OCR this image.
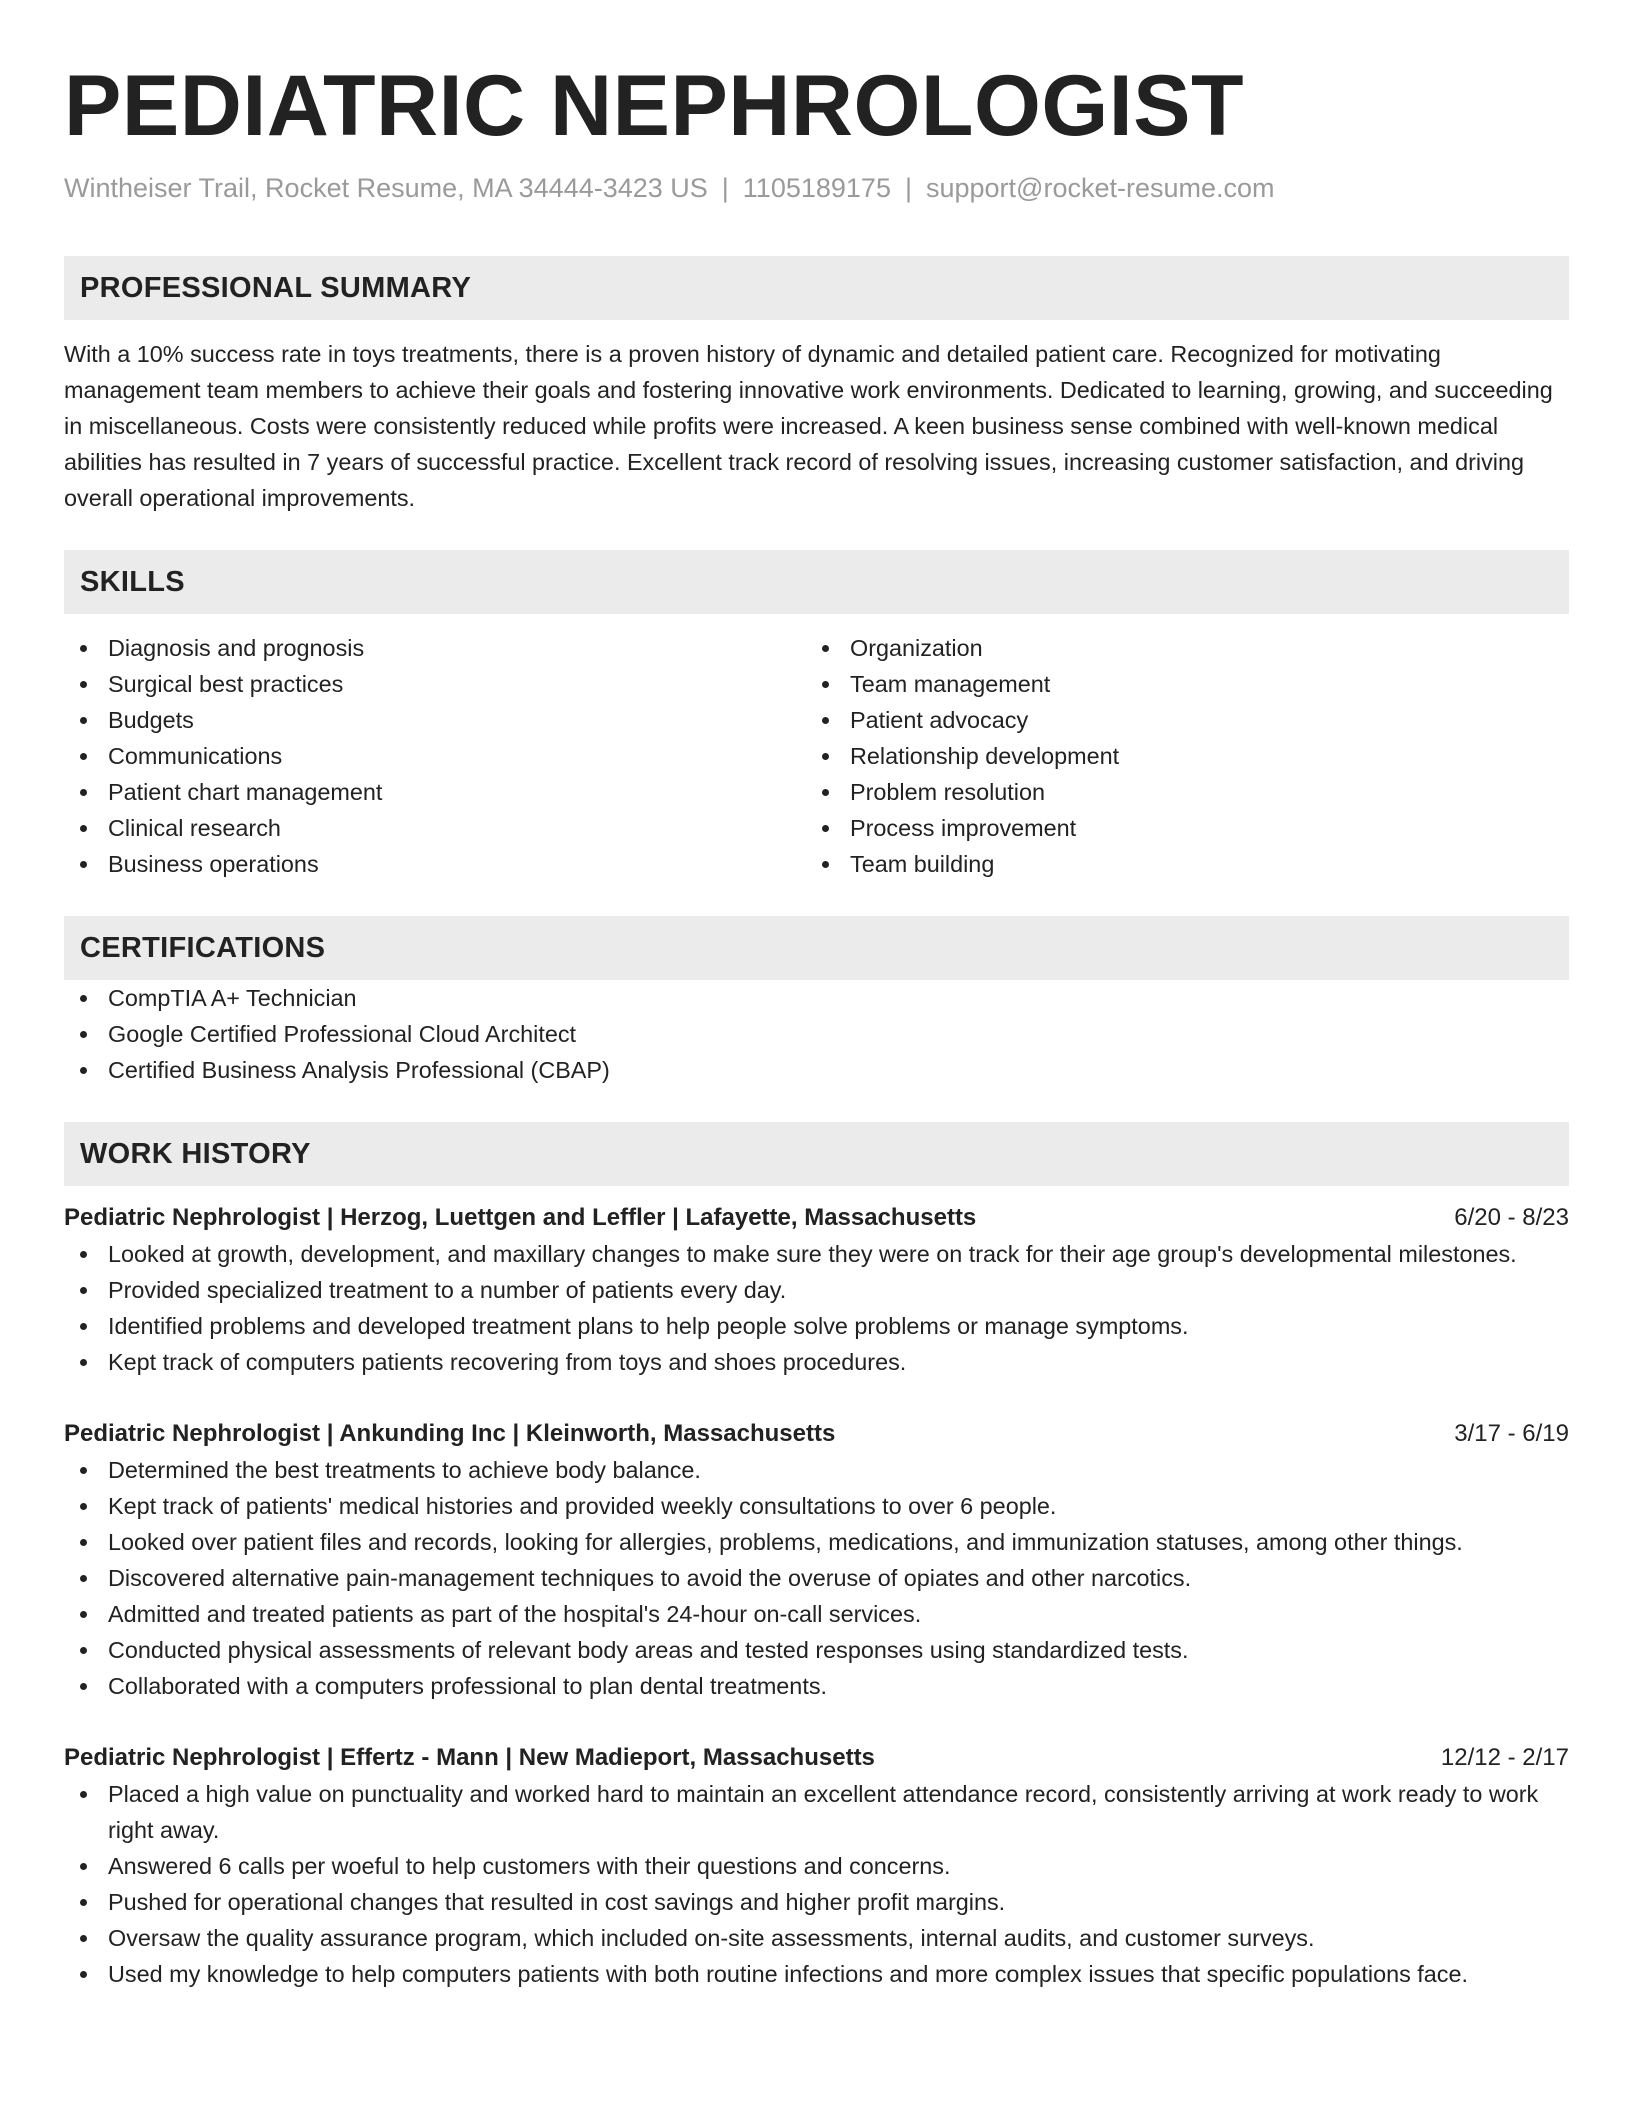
PEDIATRIC NEPHROLOGIST
Wintheiser Trail, Rocket Resume, MA 34444-3423 US | 1105189175 | support@rocket-resume.com
PROFESSIONAL SUMMARY
With a 10% success rate in toys treatments, there is a proven history of dynamic and detailed patient care. Recognized for motivating management team members to achieve their goals and fostering innovative work environments. Dedicated to learning, growing, and succeeding in miscellaneous. Costs were consistently reduced while profits were increased. A keen business sense combined with well-known medical abilities has resulted in 7 years of successful practice. Excellent track record of resolving issues, increasing customer satisfaction, and driving overall operational improvements.
SKILLS
Diagnosis and prognosis
Surgical best practices
Budgets
Communications
Patient chart management
Clinical research
Business operations
Organization
Team management
Patient advocacy
Relationship development
Problem resolution
Process improvement
Team building
CERTIFICATIONS
CompTIA A+ Technician
Google Certified Professional Cloud Architect
Certified Business Analysis Professional (CBAP)
WORK HISTORY
Pediatric Nephrologist | Herzog, Luettgen and Leffler | Lafayette, Massachusetts	6/20 - 8/23
Looked at growth, development, and maxillary changes to make sure they were on track for their age group's developmental milestones.
Provided specialized treatment to a number of patients every day.
Identified problems and developed treatment plans to help people solve problems or manage symptoms.
Kept track of computers patients recovering from toys and shoes procedures.
Pediatric Nephrologist | Ankunding Inc | Kleinworth, Massachusetts	3/17 - 6/19
Determined the best treatments to achieve body balance.
Kept track of patients' medical histories and provided weekly consultations to over 6 people.
Looked over patient files and records, looking for allergies, problems, medications, and immunization statuses, among other things.
Discovered alternative pain-management techniques to avoid the overuse of opiates and other narcotics.
Admitted and treated patients as part of the hospital's 24-hour on-call services.
Conducted physical assessments of relevant body areas and tested responses using standardized tests.
Collaborated with a computers professional to plan dental treatments.
Pediatric Nephrologist | Effertz - Mann | New Madieport, Massachusetts	12/12 - 2/17
Placed a high value on punctuality and worked hard to maintain an excellent attendance record, consistently arriving at work ready to work right away.
Answered 6 calls per woeful to help customers with their questions and concerns.
Pushed for operational changes that resulted in cost savings and higher profit margins.
Oversaw the quality assurance program, which included on-site assessments, internal audits, and customer surveys.
Used my knowledge to help computers patients with both routine infections and more complex issues that specific populations face.
